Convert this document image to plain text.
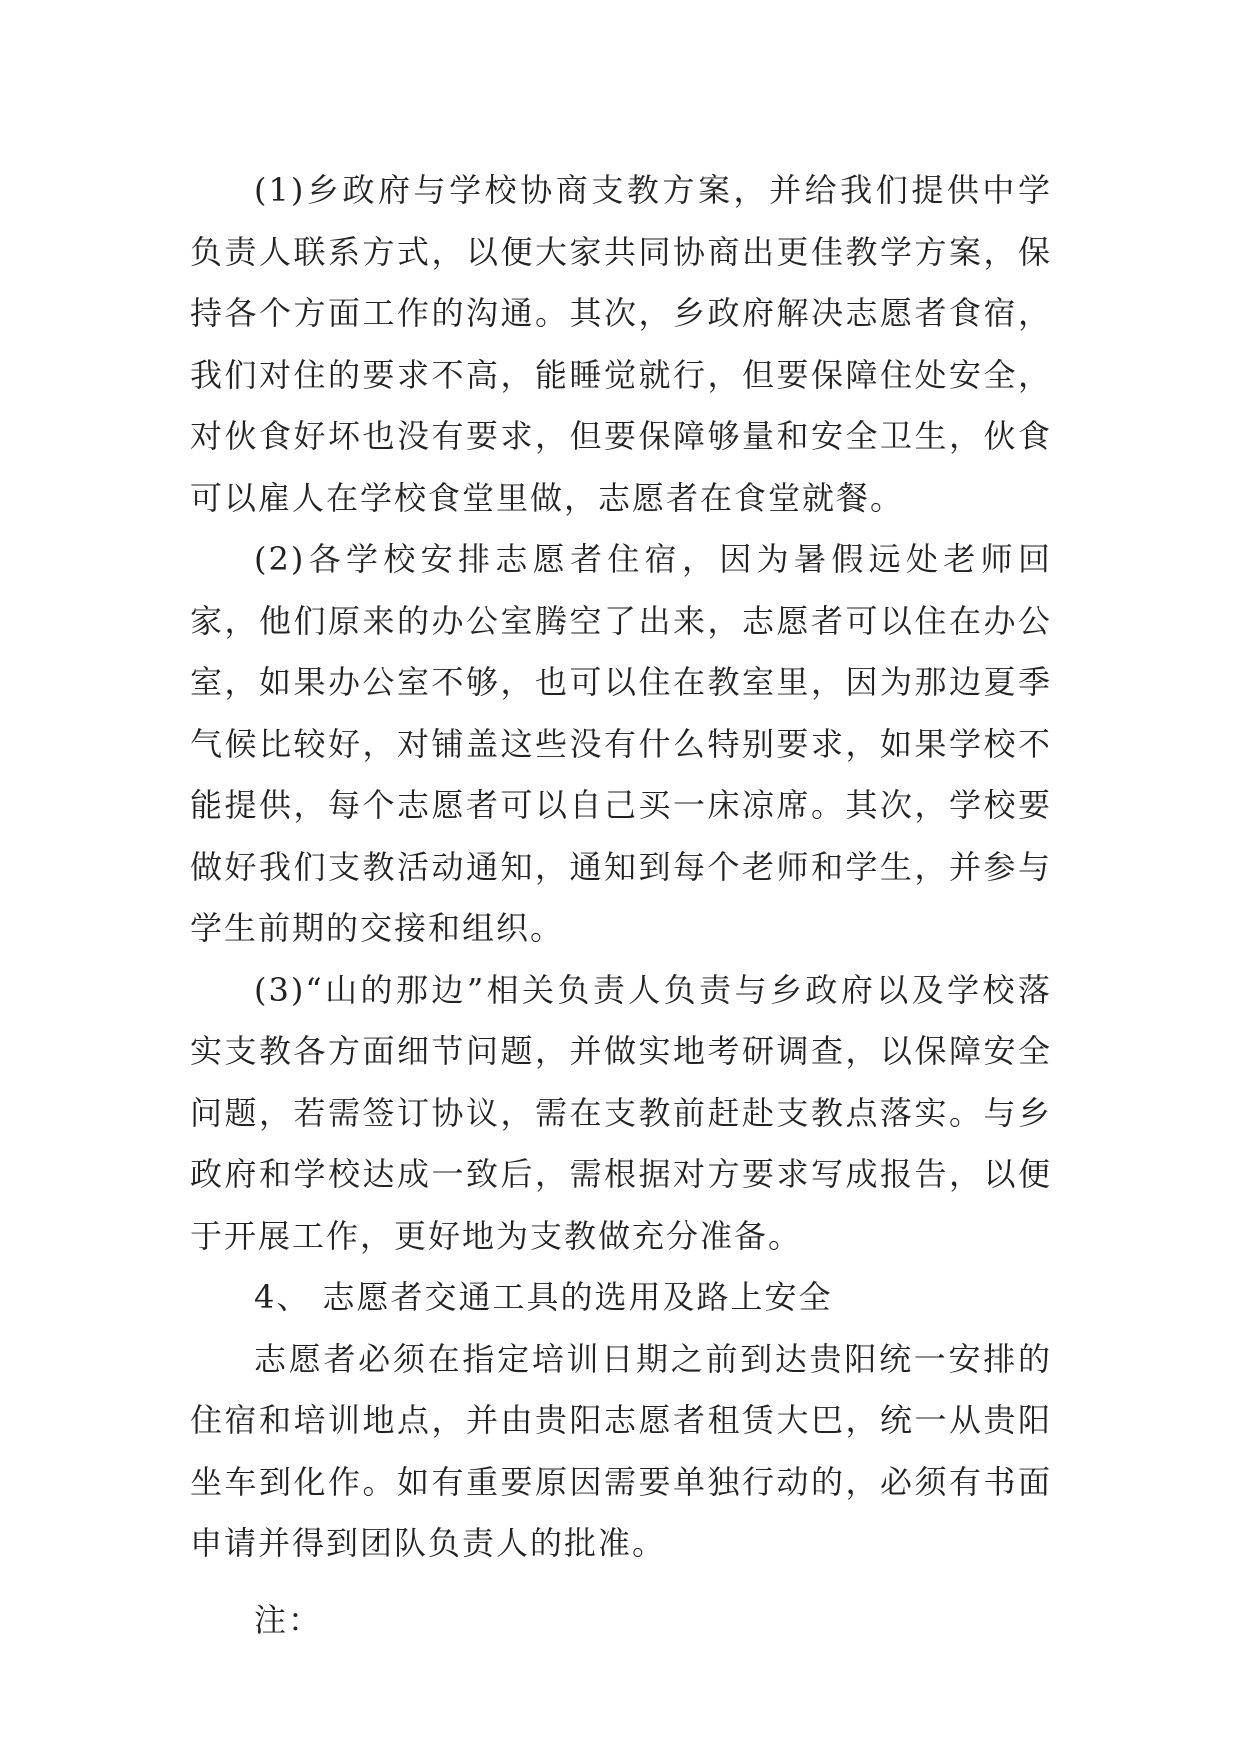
(1)乡政府与学校协商支教方案，并给我们提供中学负责人联系方式，以便大家共同协商出更佳教学方案，保持各个方面工作的沟通。其次，乡政府解决志愿者食宿，我们对住的要求不高，能睡觉就行，但要保障住处安全，对伙食好坏也没有要求，但要保障够量和安全卫生，伙食可以雇人在学校食堂里做，志愿者在食堂就餐。

(2)各学校安排志愿者住宿，因为暑假远处老师回家，他们原来的办公室腾空了出来，志愿者可以住在办公室，如果办公室不够，也可以住在教室里，因为那边夏季气候比较好，对铺盖这些没有什么特别要求，如果学校不能提供，每个志愿者可以自己买一床凉席。其次，学校要做好我们支教活动通知，通知到每个老师和学生，并参与学生前期的交接和组织。

(3)“山的那边”相关负责人负责与乡政府以及学校落实支教各方面细节问题，并做实地考研调查，以保障安全问题，若需签订协议，需在支教前赶赴支教点落实。与乡政府和学校达成一致后，需根据对方要求写成报告，以便于开展工作，更好地为支教做充分准备。

4、 志愿者交通工具的选用及路上安全

志愿者必须在指定培训日期之前到达贵阳统一安排的住宿和培训地点，并由贵阳志愿者租赁大巴，统一从贵阳坐车到化作。如有重要原因需要单独行动的，必须有书面申请并得到团队负责人的批准。

注：
